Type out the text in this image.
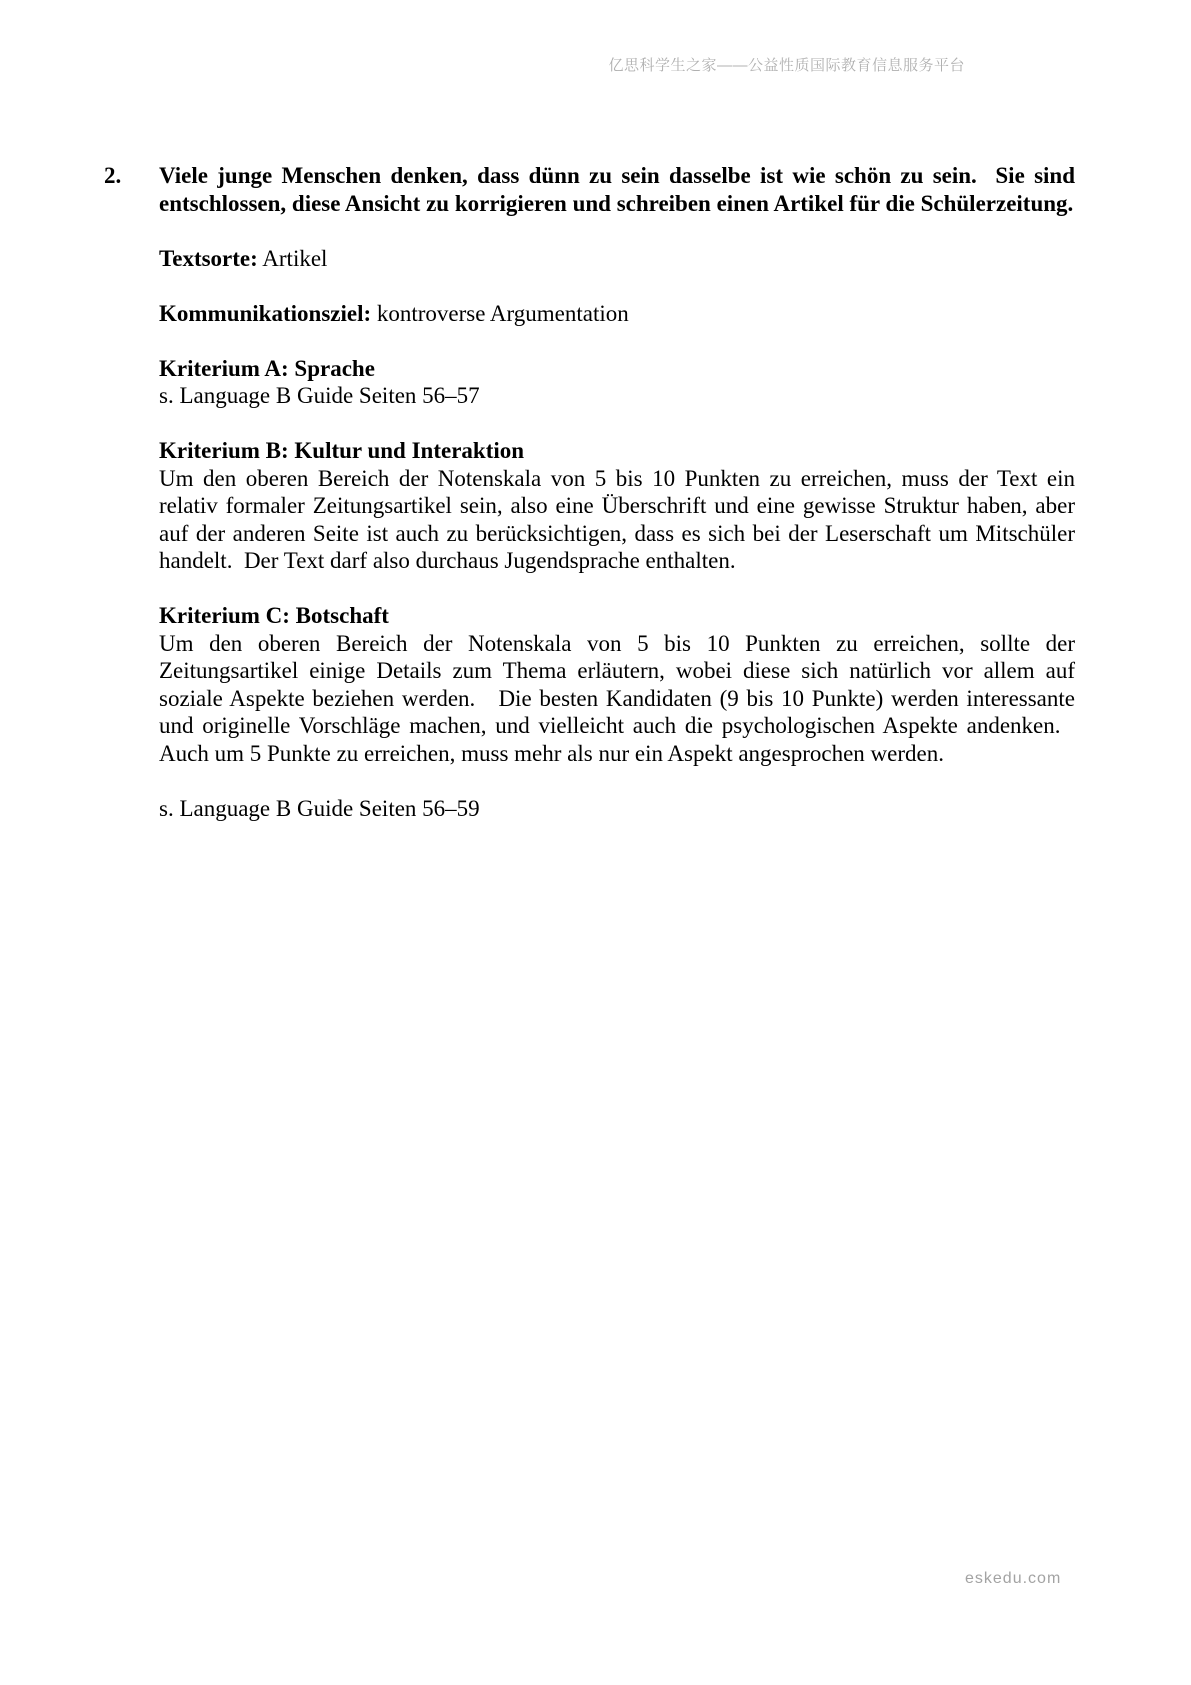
亿思科学生之家——公益性质国际教育信息服务平台
2. Viele junge Menschen denken, dass dünn zu sein dasselbe ist wie schön zu sein.  Sie sind entschlossen, diese Ansicht zu korrigieren und schreiben einen Artikel für die Schülerzeitung.

Textsorte: Artikel

Kommunikationsziel: kontroverse Argumentation

Kriterium A: Sprache

s. Language B Guide Seiten 56–57

Kriterium B: Kultur und Interaktion

Um den oberen Bereich der Notenskala von 5 bis 10 Punkten zu erreichen, muss der Text ein relativ formaler Zeitungsartikel sein, also eine Überschrift und eine gewisse Struktur haben, aber auf der anderen Seite ist auch zu berücksichtigen, dass es sich bei der Leserschaft um Mitschüler handelt.  Der Text darf also durchaus Jugendsprache enthalten.

Kriterium C: Botschaft

Um den oberen Bereich der Notenskala von 5 bis 10 Punkten zu erreichen, sollte der Zeitungsartikel einige Details zum Thema erläutern, wobei diese sich natürlich vor allem auf soziale Aspekte beziehen werden.   Die besten Kandidaten (9 bis 10 Punkte) werden interessante und originelle Vorschläge machen, und vielleicht auch die psychologischen Aspekte andenken.   Auch um 5 Punkte zu erreichen, muss mehr als nur ein Aspekt angesprochen werden.

s. Language B Guide Seiten 56–59

eskedu.com
